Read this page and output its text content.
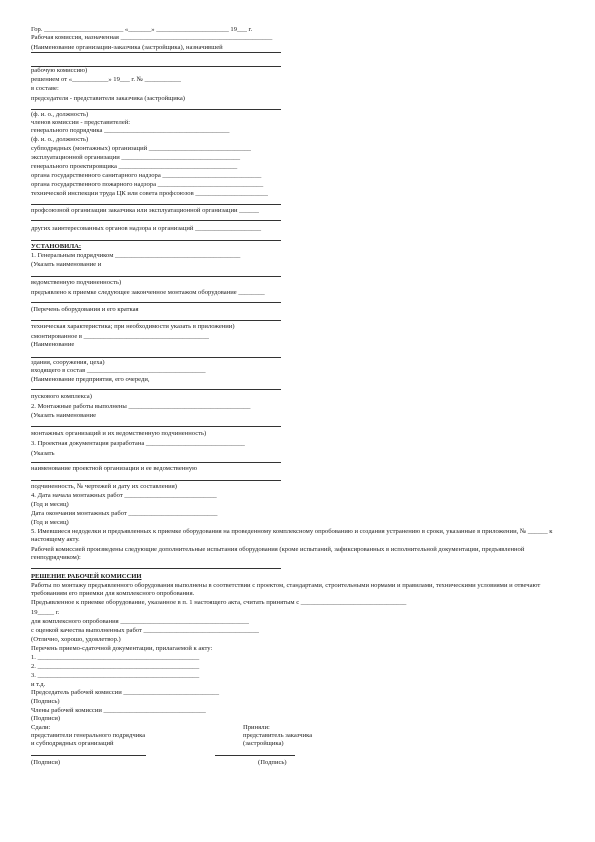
Гор. ________________________ «_______» ______________________ 19___ г.
Рабочая комиссия, назначенная ______________________________________________
(Наименование организации-заказчика (застройщика), назначившей
рабочую комиссию)
решением от «___________» 19___ г. № ___________
в составе:
председателя - представителя заказчика (застройщика)
(ф. и. о., должность)
членов комиссии - представителей:
генерального подрядчика ______________________________________
(ф. и. о., должность)
субподрядных (монтажных) организаций _______________________________
эксплуатационной организации ____________________________________
генерального проектировщика ____________________________________
органа государственного санитарного надзора ______________________________
органа государственного пожарного надзора ________________________________
технической инспекции труда ЦК или совета профсоюзов ______________________
профсоюзной организации заказчика или эксплуатационной организации ______
других заинтересованных органов надзора и организаций ____________________
УСТАНОВИЛА:
1. Генеральным подрядчиком ______________________________________
(Указать наименование и
ведомственную подчиненность)
предъявлено к приемке следующее законченное монтажом оборудование ________
(Перечень оборудования и его краткая
техническая характеристика; при необходимости указать в приложении)
смонтированное в ______________________________________
(Наименование
здания, сооружения, цеха)
входящего в состав ____________________________________
(Наименование предприятия, его очереди,
пускового комплекса)
2. Монтажные работы выполнены _____________________________________
(Указать наименование
монтажных организаций и их ведомственную подчиненность)
3. Проектная документация разработана ______________________________
(Указать
наименование проектной организации и ее ведомственную
подчиненность, № чертежей и дату их составления)
4. Дата начала монтажных работ ____________________________
(Год и месяц)
Дата окончания монтажных работ ___________________________
(Год и месяц)
5. Имевшиеся недоделки и предъявленных к приемке оборудования на проведенному комплексному опробованию и создания устранению в сроки, указанные в приложении, № ______ к настоящему акту.
Рабочей комиссией произведены следующие дополнительные испытания оборудования (кроме испытаний, зафиксированных в исполнительной документации, предъявленной генподрядчиком):
РЕШЕНИЕ РАБОЧЕЙ КОМИССИИ
Работы по монтажу предъявленного оборудования выполнены в соответствии с проектом, стандартами, строительными нормами и правилами, техническими условиями и отвечают требованиям его приемки для комплексного опробования.
Предъявленное к приемке оборудование, указанное в п. 1 настоящего акта, считать принятым с ________________________________
19_____ г.
для комплексного опробования _______________________________________
с оценкой качества выполненных работ ___________________________________
(Отлично, хорошо, удовлетвор.)
Перечень приемо-сдаточной документации, прилагаемой к акту:
1. _________________________________________________
2. _________________________________________________
3. _________________________________________________
и т.д.
Председатель рабочей комиссии _____________________________
(Подпись)
Члены рабочей комиссии _______________________________
(Подписи)
Сдали:
представители генерального подрядчика
и субподрядных организаций
(Подписи)
Приняли:
представитель заказчика
(застройщика)
(Подпись)
